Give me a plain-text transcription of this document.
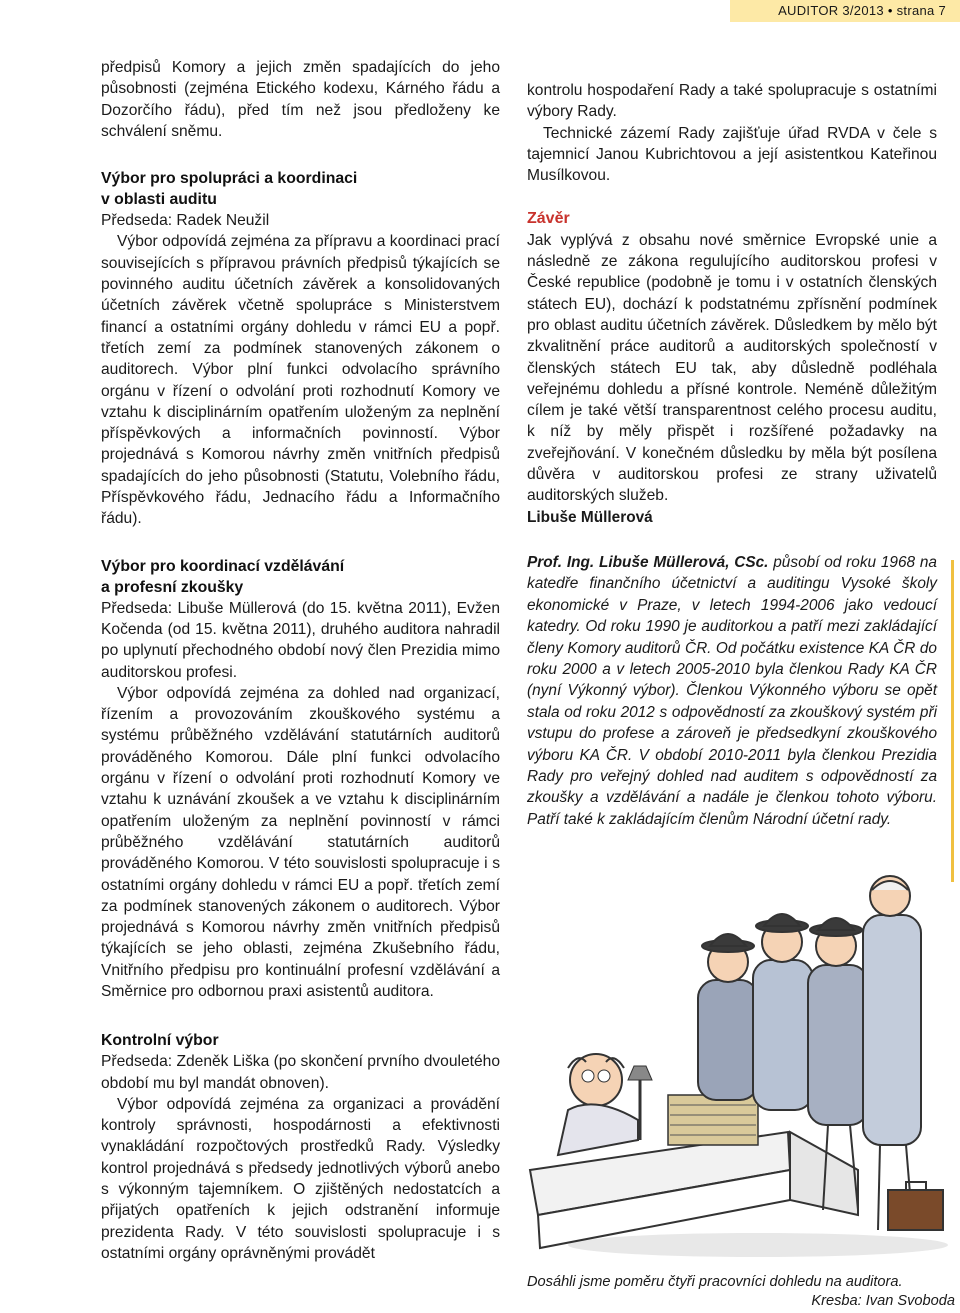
AUDITOR 3/2013 • strana 7

předpisů Komory a jejich změn spadajících do jeho působnosti (zejména Etického kodexu, Kárného řádu a Dozorčího řádu), před tím než jsou předloženy ke schválení sněmu.

Výbor pro spolupráci a koordinaci

v oblasti auditu

Předseda: Radek Neužil

Výbor odpovídá zejména za přípravu a koordinaci prací souvisejících s přípravou právních předpisů týkajících se povinného auditu účetních závěrek a konsolidovaných účetních závěrek včetně spolupráce s Ministerstvem financí a ostatními orgány dohledu v rámci EU a popř. třetích zemí za podmínek stanovených zákonem o auditorech. Výbor plní funkci odvolacího správního orgánu v řízení o odvolání proti rozhodnutí Komory ve vztahu k disciplinárním opatřením uloženým za neplnění příspěvkových a informačních povinností. Výbor projednává s Komorou návrhy změn vnitřních předpisů spadajících do jeho působnosti (Statutu, Volebního řádu, Příspěvkového řádu, Jednacího řádu a Informačního řádu).

Výbor pro koordinací vzdělávání

a profesní zkoušky

Předseda: Libuše Müllerová (do 15. května 2011), Evžen Kočenda (od 15. května 2011), druhého auditora nahradil po uplynutí přechodného období nový člen Prezidia mimo auditorskou profesi.

Výbor odpovídá zejména za dohled nad organizací, řízením a provozováním zkouškového systému a systému průběžného vzdělávání statutárních auditorů prováděného Komorou. Dále plní funkci odvolacího orgánu v řízení o odvolání proti rozhodnutí Komory ve vztahu k uznávání zkoušek a ve vztahu k disciplinárním opatřením uloženým za neplnění povinností v rámci průběžného vzdělávání statutárních auditorů prováděného Komorou. V této souvislosti spolupracuje i s ostatními orgány dohledu v rámci EU a popř. třetích zemí za podmínek stanovených zákonem o auditorech. Výbor projednává s Komorou návrhy změn vnitřních předpisů týkajících se jeho oblasti, zejména Zkušebního řádu, Vnitřního předpisu pro kontinuální profesní vzdělávání a Směrnice pro odbornou praxi asistentů auditora.

Kontrolní výbor

Předseda: Zdeněk Liška (po skončení prvního dvouletého období mu byl mandát obnoven).

Výbor odpovídá zejména za organizaci a provádění kontroly správnosti, hospodárnosti a efektivnosti vynakládání rozpočtových prostředků Rady. Výsledky kontrol projednává s předsedy jednotlivých výborů anebo s výkonným tajemníkem. O zjištěných nedostatcích a přijatých opatřeních k jejich odstranění informuje prezidenta Rady. V této souvislosti spolupracuje i s ostatními orgány oprávněnými provádět

kontrolu hospodaření Rady a také spolupracuje s ostatními výbory Rady.

Technické zázemí Rady zajišťuje úřad RVDA v čele s tajemnicí Janou Kubrichtovou a její asistentkou Kateřinou Musílkovou.

Závěr

Jak vyplývá z obsahu nové směrnice Evropské unie a následně ze zákona regulujícího auditorskou profesi v České republice (podobně je tomu i v ostatních členských státech EU), dochází k podstatnému zpřísnění podmínek pro oblast auditu účetních závěrek. Důsledkem by mělo být zkvalitnění práce auditorů a auditorských společností v členských státech EU tak, aby důsledně podléhala veřejnému dohledu a přísné kontrole. Neméně důležitým cílem je také větší transparentnost celého procesu auditu, k níž by měly přispět i rozšířené požadavky na zveřejňování. V konečném důsledku by měla být posílena důvěra v auditorskou profesi ze strany uživatelů auditorských služeb.

Libuše Müllerová

Prof. Ing. Libuše Müllerová, CSc. působí od roku 1968 na katedře finančního účetnictví a auditingu Vysoké školy ekonomické v Praze, v letech 1994-2006 jako vedoucí katedry. Od roku 1990 je auditorkou a patří mezi zakládající členy Komory auditorů ČR. Od počátku existence KA ČR do roku 2000 a v letech 2005-2010 byla členkou Rady KA ČR (nyní Výkonný výbor). Členkou Výkonného výboru se opět stala od roku 2012 s odpovědností za zkouškový systém při vstupu do profese a zároveň je předsedkyní zkouškového výboru KA ČR. V období 2010-2011 byla členkou Prezidia Rady pro veřejný dohled nad auditem s odpovědností za zkoušky a vzdělávání a nadále je členkou tohoto výboru. Patří také k zakládajícím členům Národní účetní rady.

Dosáhli jsme poměru čtyři pracovníci dohledu na auditora.
Kresba: Ivan Svoboda
